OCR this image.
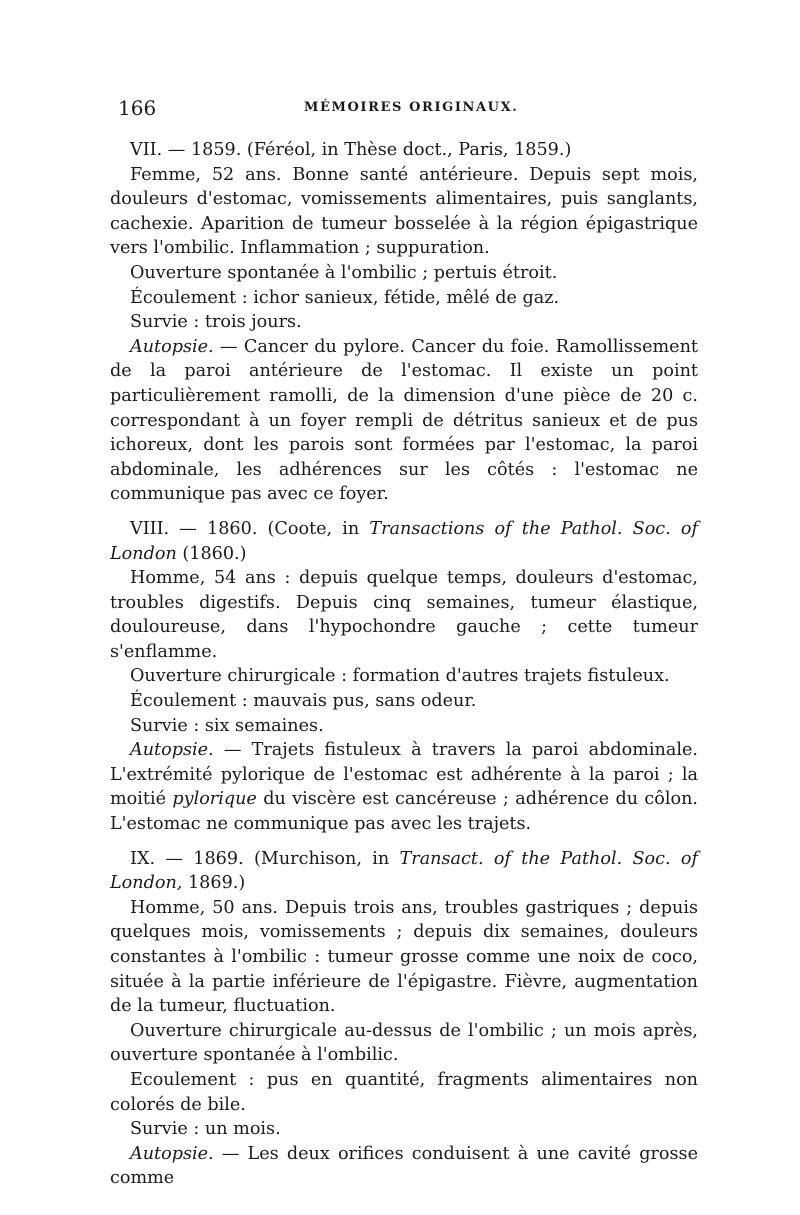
166	MÉMOIRES ORIGINAUX.

VII. — 1859. (Féréol, in Thèse doct., Paris, 1859.)

Femme, 52 ans. Bonne santé antérieure. Depuis sept mois, douleurs d'estomac, vomissements alimentaires, puis sanglants, cachexie. Aparition de tumeur bosselée à la région épigastrique vers l'ombilic. Inflammation ; suppuration.

Ouverture spontanée à l'ombilic ; pertuis étroit.

Écoulement : ichor sanieux, fétide, mêlé de gaz.

Survie : trois jours.

Autopsie. — Cancer du pylore. Cancer du foie. Ramollissement de la paroi antérieure de l'estomac. Il existe un point particulièrement ramolli, de la dimension d'une pièce de 20 c. correspondant à un foyer rempli de détritus sanieux et de pus ichoreux, dont les parois sont formées par l'estomac, la paroi abdominale, les adhérences sur les côtés : l'estomac ne communique pas avec ce foyer.

VIII. — 1860. (Coote, in Transactions of the Pathol. Soc. of London (1860.)

Homme, 54 ans : depuis quelque temps, douleurs d'estomac, troubles digestifs. Depuis cinq semaines, tumeur élastique, douloureuse, dans l'hypochondre gauche ; cette tumeur s'enflamme.

Ouverture chirurgicale : formation d'autres trajets fistuleux.

Écoulement : mauvais pus, sans odeur.

Survie : six semaines.

Autopsie. — Trajets fistuleux à travers la paroi abdominale. L'extrémité pylorique de l'estomac est adhérente à la paroi ; la moitié pylorique du viscère est cancéreuse ; adhérence du côlon. L'estomac ne communique pas avec les trajets.

IX. — 1869. (Murchison, in Transact. of the Pathol. Soc. of London, 1869.)

Homme, 50 ans. Depuis trois ans, troubles gastriques ; depuis quelques mois, vomissements ; depuis dix semaines, douleurs constantes à l'ombilic : tumeur grosse comme une noix de coco, située à la partie inférieure de l'épigastre. Fièvre, augmentation de la tumeur, fluctuation.

Ouverture chirurgicale au-dessus de l'ombilic ; un mois après, ouverture spontanée à l'ombilic.

Ecoulement : pus en quantité, fragments alimentaires non colorés de bile.

Survie : un mois.

Autopsie. — Les deux orifices conduisent à une cavité grosse comme
